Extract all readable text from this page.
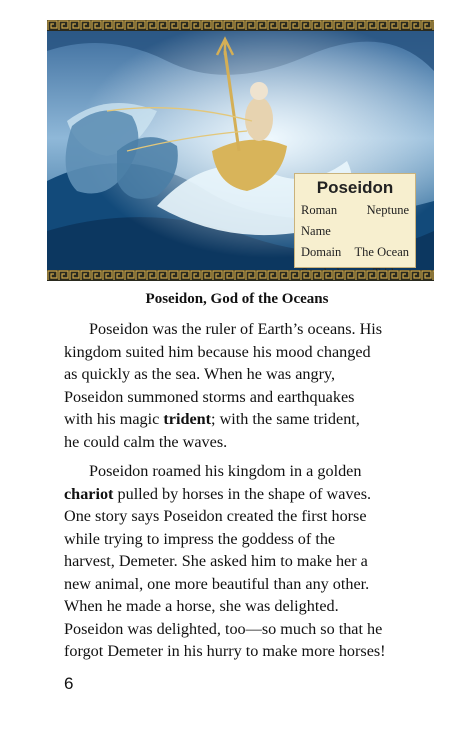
Poseidon
Roman Name
Neptune
Domain The Ocean
Poseidon, God of the Oceans
Poseidon was the ruler of Earth’s oceans. His
kingdom suited him because his mood changed
as quickly as the sea. When he was angry,
Poseidon summoned storms and earthquakes
with his magic trident; with the same trident,
he could calm the waves.
Poseidon roamed his kingdom in a golden
chariot pulled by horses in the shape of waves.
One story says Poseidon created the first horse
while trying to impress the goddess of the
harvest, Demeter. She asked him to make her a
new animal, one more beautiful than any other.
When he made a horse, she was delighted.
Poseidon was delighted, too—so much so that he
forgot Demeter in his hurry to make more horses!
6
